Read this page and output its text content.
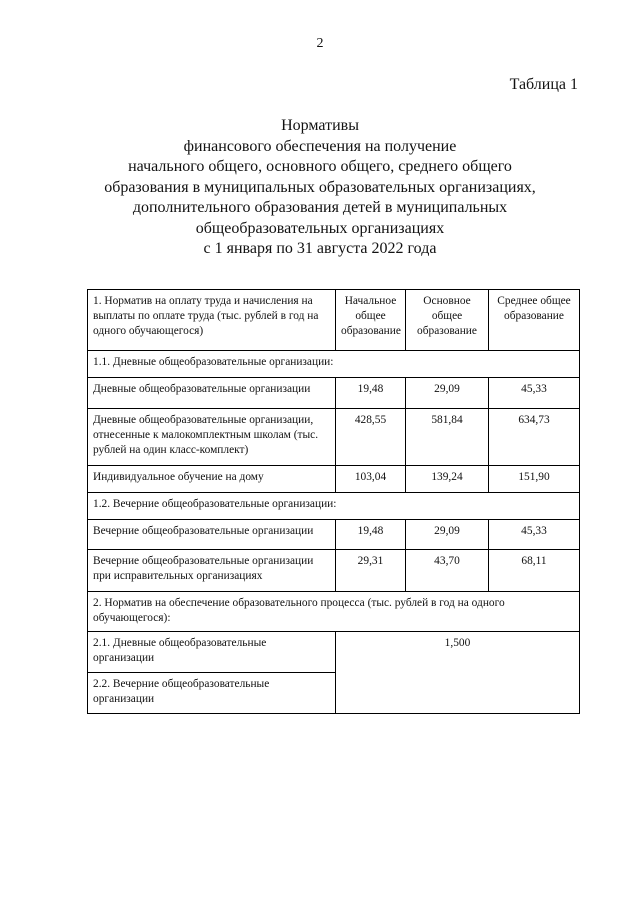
2
Таблица 1
Нормативы
финансового обеспечения на получение
начального общего, основного общего, среднего общего
образования в муниципальных образовательных организациях,
дополнительного образования детей в муниципальных
общеобразовательных организациях
с 1 января по 31 августа 2022 года
1. Норматив на оплату труда и начисления на выплаты по оплате труда (тыс. рублей в год на одного обучающегося)	Начальное общее образование	Основное общее образование	Среднее общее образование
1.1. Дневные общеобразовательные организации:			
Дневные общеобразовательные организации	19,48	29,09	45,33
Дневные общеобразовательные организации, отнесенные к малокомплектным школам (тыс. рублей на один класс-комплект)	428,55	581,84	634,73
Индивидуальное обучение на дому	103,04	139,24	151,90
1.2. Вечерние общеобразовательные организации:			
Вечерние общеобразовательные организации	19,48	29,09	45,33
Вечерние общеобразовательные организации при исправительных организациях	29,31	43,70	68,11
2. Норматив на обеспечение образовательного процесса (тыс. рублей в год на одного обучающегося):			
2.1. Дневные общеобразовательные организации	1,500		
2.2. Вечерние общеобразовательные организации			
